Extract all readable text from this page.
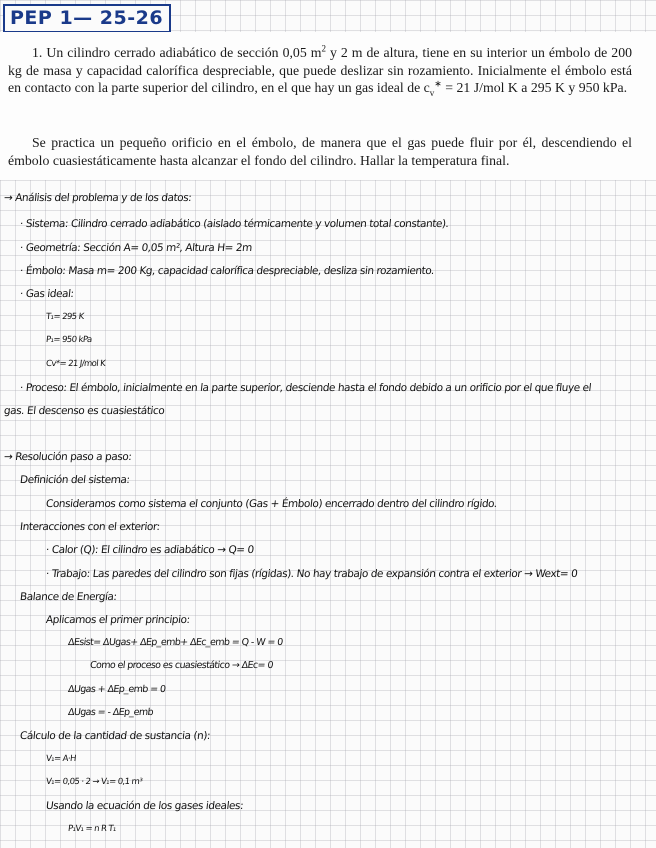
PEP 1— 25-26

1. Un cilindro cerrado adiabático de sección 0,05 $m^2$ y 2 m de altura, tiene en su interior un émbolo de 200 kg de masa y capacidad calorífica despreciable, que puede deslizar sin rozamiento. Inicialmente el émbolo está en contacto con la parte superior del cilindro, en el que hay un gas ideal de $c_v^∗ = 21$ J/mol K a 295 K y 950 kPa.

Se practica un pequeño orificio en el émbolo, de manera que el gas puede fluir por él, descendiendo el émbolo cuasiestáticamente hasta alcanzar el fondo del cilindro. Hallar la temperatura final.

→ Análisis del problema y de los datos:
· Sistema: Cilindro cerrado adiabático (aislado térmicamente y volumen total constante).
· Geometría: Sección A= 0,05 m², Altura H= 2m
· Émbolo: Masa m= 200 Kg, capacidad calorífica despreciable, desliza sin rozamiento.
· Gas ideal:
T₁= 295 K
P₁= 950 kPa
Cv*= 21 J/mol K
· Proceso: El émbolo, inicialmente en la parte superior, desciende hasta el fondo debido a un orificio por el que fluye el
gas. El descenso es cuasiestático
→ Resolución paso a paso:
Definición del sistema:
Consideramos como sistema el conjunto (Gas + Émbolo) encerrado dentro del cilindro rígido.
Interacciones con el exterior:
· Calor (Q): El cilindro es adiabático → Q= 0
· Trabajo: Las paredes del cilindro son fijas (rígidas). No hay trabajo de expansión contra el exterior → Wext= 0
Balance de Energía:
Aplicamos el primer principio:
ΔEsist= ΔUgas+ ΔEp_emb+ ΔEc_emb = Q - W = 0
Como el proceso es cuasiestático → ΔEc= 0
ΔUgas + ΔEp_emb = 0
ΔUgas = - ΔEp_emb
Cálculo de la cantidad de sustancia (n):
V₁= A·H
V₁= 0,05 · 2 → V₁= 0,1 m³
Usando la ecuación de los gases ideales:
P₁V₁ = n R T₁
